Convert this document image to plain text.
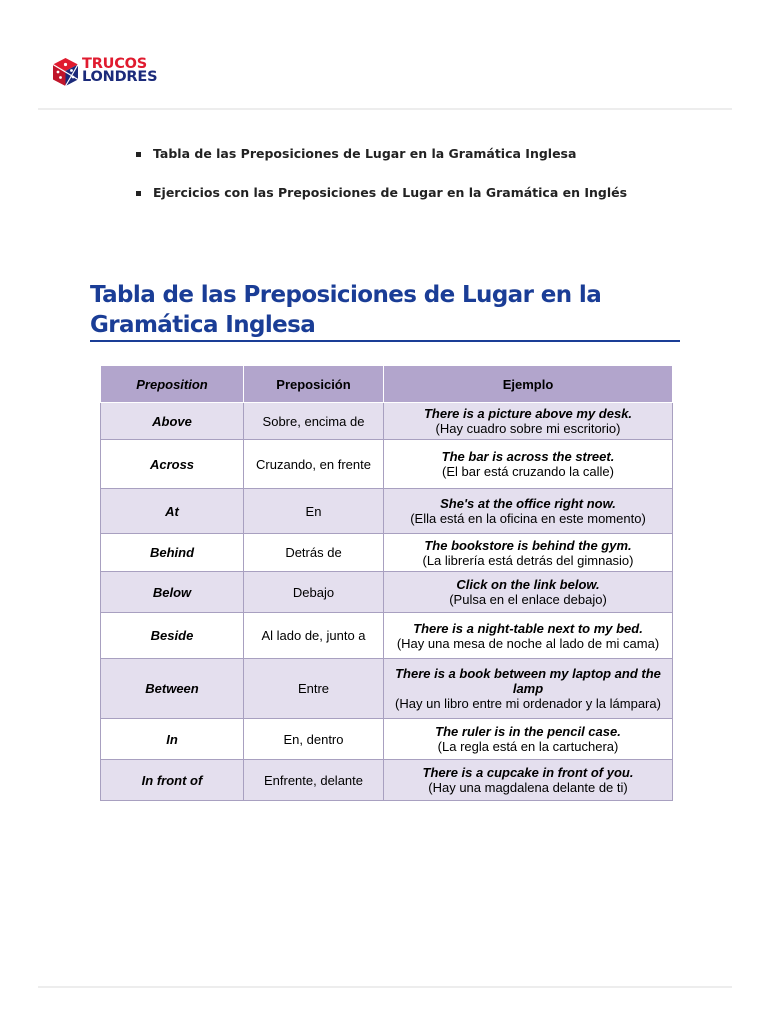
TRUCOS
LONDRES
Tabla de las Preposiciones de Lugar en la Gramática Inglesa
Ejercicios con las Preposiciones de Lugar en la Gramática en Inglés
Tabla de las Preposiciones de Lugar en la Gramática Inglesa
Preposition	Preposición	Ejemplo
Above	Sobre, encima de	There is a picture above my desk.
(Hay cuadro sobre mi escritorio)

Across	Cruzando, en frente	The bar is across the street.
(El bar está cruzando la calle)

At	En	She's at the office right now.
(Ella está en la oficina en este momento)

Behind	Detrás de	The bookstore is behind the gym.
(La librería está detrás del gimnasio)

Below	Debajo	Click on the link below.
(Pulsa en el enlace debajo)

Beside	Al lado de, junto a	There is a night-table next to my bed.
(Hay una mesa de noche al lado de mi cama)

Between	Entre	There is a book between my laptop and the lamp
(Hay un libro entre mi ordenador y la lámpara)

In	En, dentro	The ruler is in the pencil case.
(La regla está en la cartuchera)

In front of	Enfrente, delante	There is a cupcake in front of you.
(Hay una magdalena delante de ti)
